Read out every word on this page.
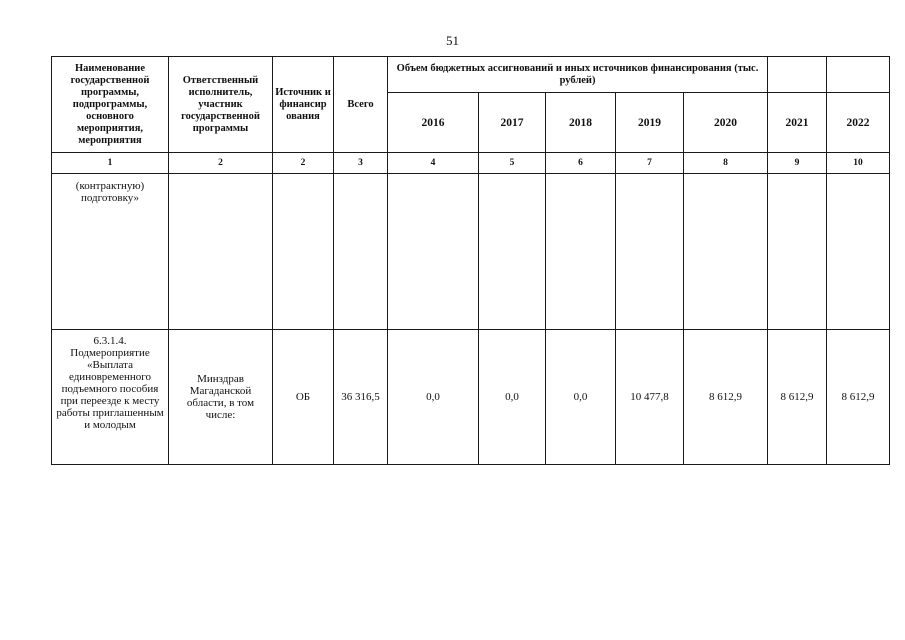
51
Наименование государственной программы, подпрограммы, основного мероприятия, мероприятия	Ответственный исполнитель, участник государственной программы	Источник и финансир ования	Всего	Объем бюджетных ассигнований и иных источников финансирования (тыс. рублей)						
				2016	2017	2018	2019	2020	2021	2022
1	2	2	3	4	5	6	7	8	9	10
(контрактную) подготовку»										
6.3.1.4. Подмероприятие «Выплата единовременного подъемного пособия при переезде к месту работы приглашенным и молодым	Минздрав Магаданской области, в том числе:	ОБ	36 316,5	0,0	0,0	0,0	10 477,8	8 612,9	8 612,9	8 612,9
